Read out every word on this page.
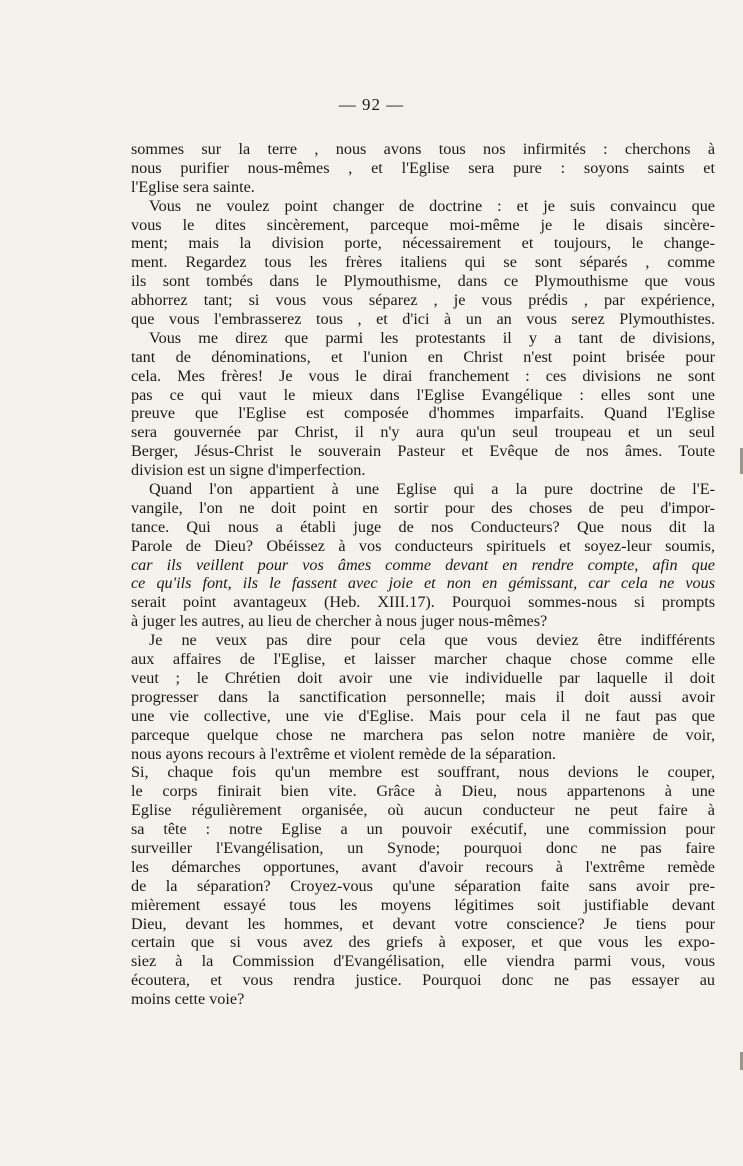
— 92 —
sommes sur la terre , nous avons tous nos infirmités : cherchons à
nous purifier nous-mêmes , et l'Eglise sera pure : soyons saints et
l'Eglise sera sainte.
Vous ne voulez point changer de doctrine : et je suis convaincu que
vous le dites sincèrement, parceque moi-même je le disais sincère-
ment; mais la division porte, nécessairement et toujours, le change-
ment. Regardez tous les frères italiens qui se sont séparés , comme
ils sont tombés dans le Plymouthisme, dans ce Plymouthisme que vous
abhorrez tant; si vous vous séparez , je vous prédis , par expérience,
que vous l'embrasserez tous , et d'ici à un an vous serez Plymouthistes.
Vous me direz que parmi les protestants il y a tant de divisions,
tant de dénominations, et l'union en Christ n'est point brisée pour
cela. Mes frères! Je vous le dirai franchement : ces divisions ne sont
pas ce qui vaut le mieux dans l'Eglise Evangélique : elles sont une
preuve que l'Eglise est composée d'hommes imparfaits. Quand l'Eglise
sera gouvernée par Christ, il n'y aura qu'un seul troupeau et un seul
Berger, Jésus-Christ le souverain Pasteur et Evêque de nos âmes. Toute
division est un signe d'imperfection.
Quand l'on appartient à une Eglise qui a la pure doctrine de l'E-
vangile, l'on ne doit point en sortir pour des choses de peu d'impor-
tance. Qui nous a établi juge de nos Conducteurs? Que nous dit la
Parole de Dieu? Obéissez à vos conducteurs spirituels et soyez-leur soumis,
car ils veillent pour vos âmes comme devant en rendre compte, afin que
ce qu'ils font, ils le fassent avec joie et non en gémissant, car cela ne vous
serait point avantageux (Heb. XIII.17). Pourquoi sommes-nous si prompts
à juger les autres, au lieu de chercher à nous juger nous-mêmes?
Je ne veux pas dire pour cela que vous deviez être indifférents
aux affaires de l'Eglise, et laisser marcher chaque chose comme elle
veut ; le Chrétien doit avoir une vie individuelle par laquelle il doit
progresser dans la sanctification personnelle; mais il doit aussi avoir
une vie collective, une vie d'Eglise. Mais pour cela il ne faut pas que
parceque quelque chose ne marchera pas selon notre manière de voir,
nous ayons recours à l'extrême et violent remède de la séparation.
Si, chaque fois qu'un membre est souffrant, nous devions le couper,
le corps finirait bien vite. Grâce à Dieu, nous appartenons à une
Eglise régulièrement organisée, où aucun conducteur ne peut faire à
sa tête : notre Eglise a un pouvoir exécutif, une commission pour
surveiller l'Evangélisation, un Synode; pourquoi donc ne pas faire
les démarches opportunes, avant d'avoir recours à l'extrême remède
de la séparation? Croyez-vous qu'une séparation faite sans avoir pre-
mièrement essayé tous les moyens légitimes soit justifiable devant
Dieu, devant les hommes, et devant votre conscience? Je tiens pour
certain que si vous avez des griefs à exposer, et que vous les expo-
siez à la Commission d'Evangélisation, elle viendra parmi vous, vous
écoutera, et vous rendra justice. Pourquoi donc ne pas essayer au
moins cette voie?
